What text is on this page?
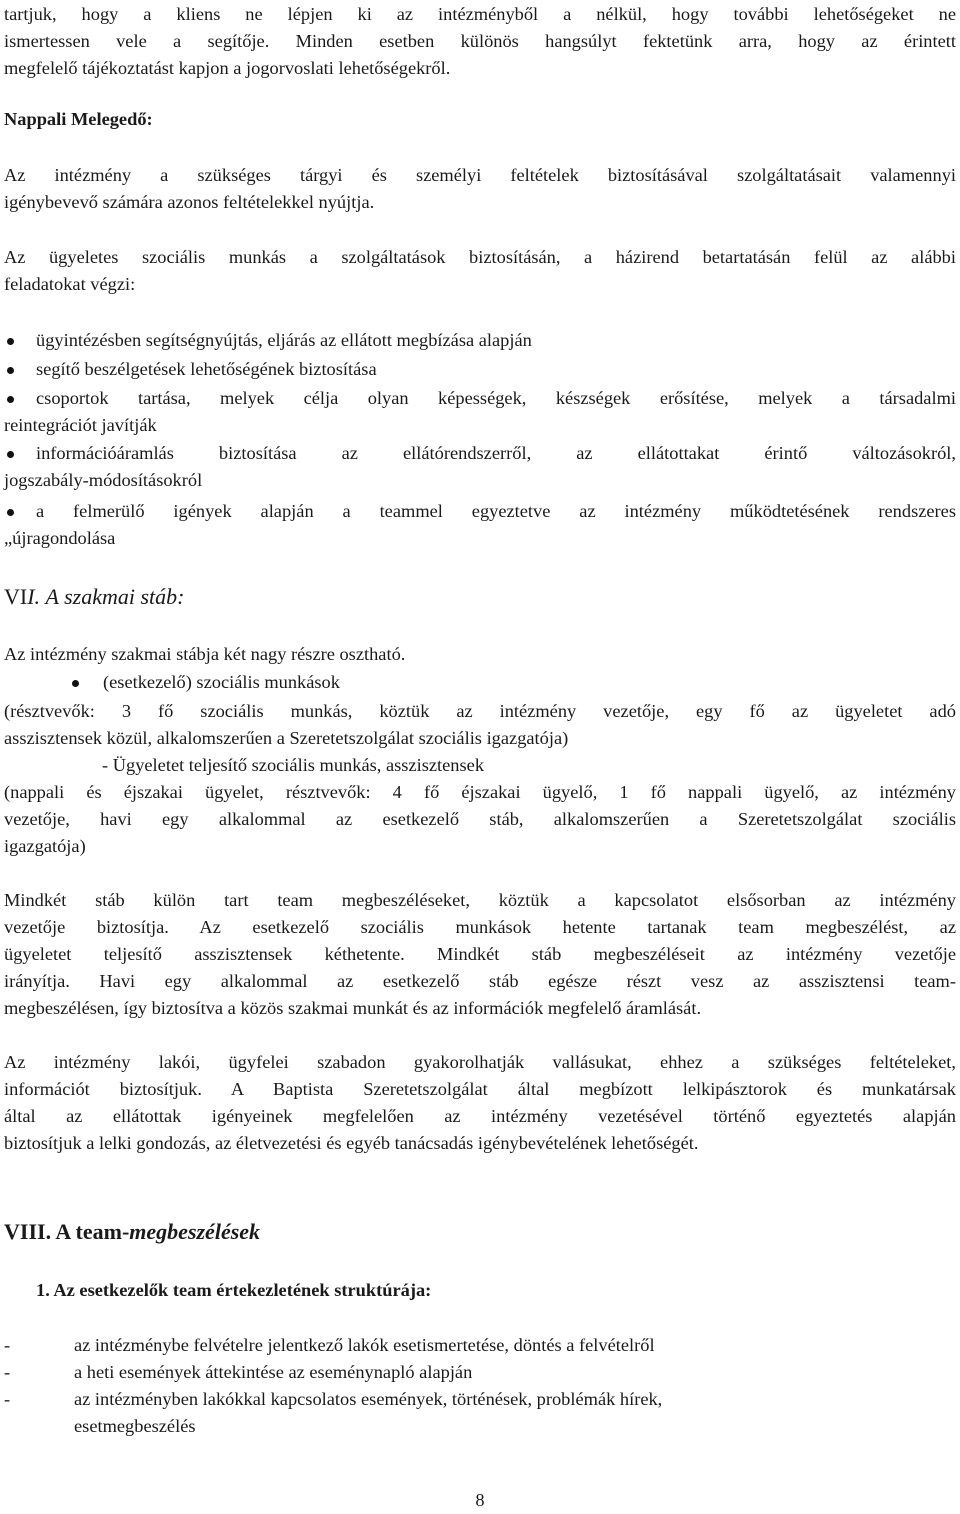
tartjuk, hogy a kliens ne lépjen ki az intézményből a nélkül, hogy további lehetőségeket ne
ismertessen vele a segítője. Minden esetben különös hangsúlyt fektetünk arra, hogy az érintett
megfelelő tájékoztatást kapjon a jogorvoslati lehetőségekről.
Nappali Melegedő:
Az intézmény a szükséges tárgyi és személyi feltételek biztosításával szolgáltatásait valamennyi
igénybevevő számára azonos feltételekkel nyújtja.
Az ügyeletes szociális munkás a szolgáltatások biztosításán, a házirend betartatásán felül az alábbi
feladatokat végzi:
ügyintézésben segítségnyújtás, eljárás az ellátott megbízása alapján
segítő beszélgetések lehetőségének biztosítása
csoportok tartása, melyek célja olyan képességek, készségek erősítése, melyek a társadalmi
reintegrációt javítják
információáramlás biztosítása az ellátórendszerről, az ellátottakat érintő változásokról,
jogszabály-módosításokról
a felmerülő igények alapján a teammel egyeztetve az intézmény működtetésének rendszeres
„újragondolása
VII. A szakmai stáb:
Az intézmény szakmai stábja két nagy részre osztható.
(esetkezelő) szociális munkások
(résztvevők: 3 fő szociális munkás, köztük az intézmény vezetője, egy fő az ügyeletet adó
asszisztensek közül, alkalomszerűen a Szeretetszolgálat szociális igazgatója)
- Ügyeletet teljesítő szociális munkás, asszisztensek
(nappali és éjszakai ügyelet, résztvevők: 4 fő éjszakai ügyelő, 1 fő nappali ügyelő, az intézmény
vezetője, havi egy alkalommal az esetkezelő stáb, alkalomszerűen a Szeretetszolgálat szociális
igazgatója)
Mindkét stáb külön tart team megbeszéléseket, köztük a kapcsolatot elsősorban az intézmény
vezetője biztosítja. Az esetkezelő szociális munkások hetente tartanak team megbeszélést, az
ügyeletet teljesítő asszisztensek kéthetente. Mindkét stáb megbeszéléseit az intézmény vezetője
irányítja. Havi egy alkalommal az esetkezelő stáb egésze részt vesz az asszisztensi team-
megbeszélésen, így biztosítva a közös szakmai munkát és az információk megfelelő áramlását.
Az intézmény lakói, ügyfelei szabadon gyakorolhatják vallásukat, ehhez a szükséges feltételeket,
információt biztosítjuk. A Baptista Szeretetszolgálat által megbízott lelkipásztorok és munkatársak
által az ellátottak igényeinek megfelelően az intézmény vezetésével történő egyeztetés alapján
biztosítjuk a lelki gondozás, az életvezetési és egyéb tanácsadás igénybevételének lehetőségét.
VIII. A team-megbeszélések
1. Az esetkezelők team értekezletének struktúrája:
-	az intézménybe felvételre jelentkező lakók esetismertetése, döntés a felvételről
-	a heti események áttekintése az eseménynapló alapján
-	az intézményben lakókkal kapcsolatos események, történések, problémák hírek,
esetmegbeszélés
8
